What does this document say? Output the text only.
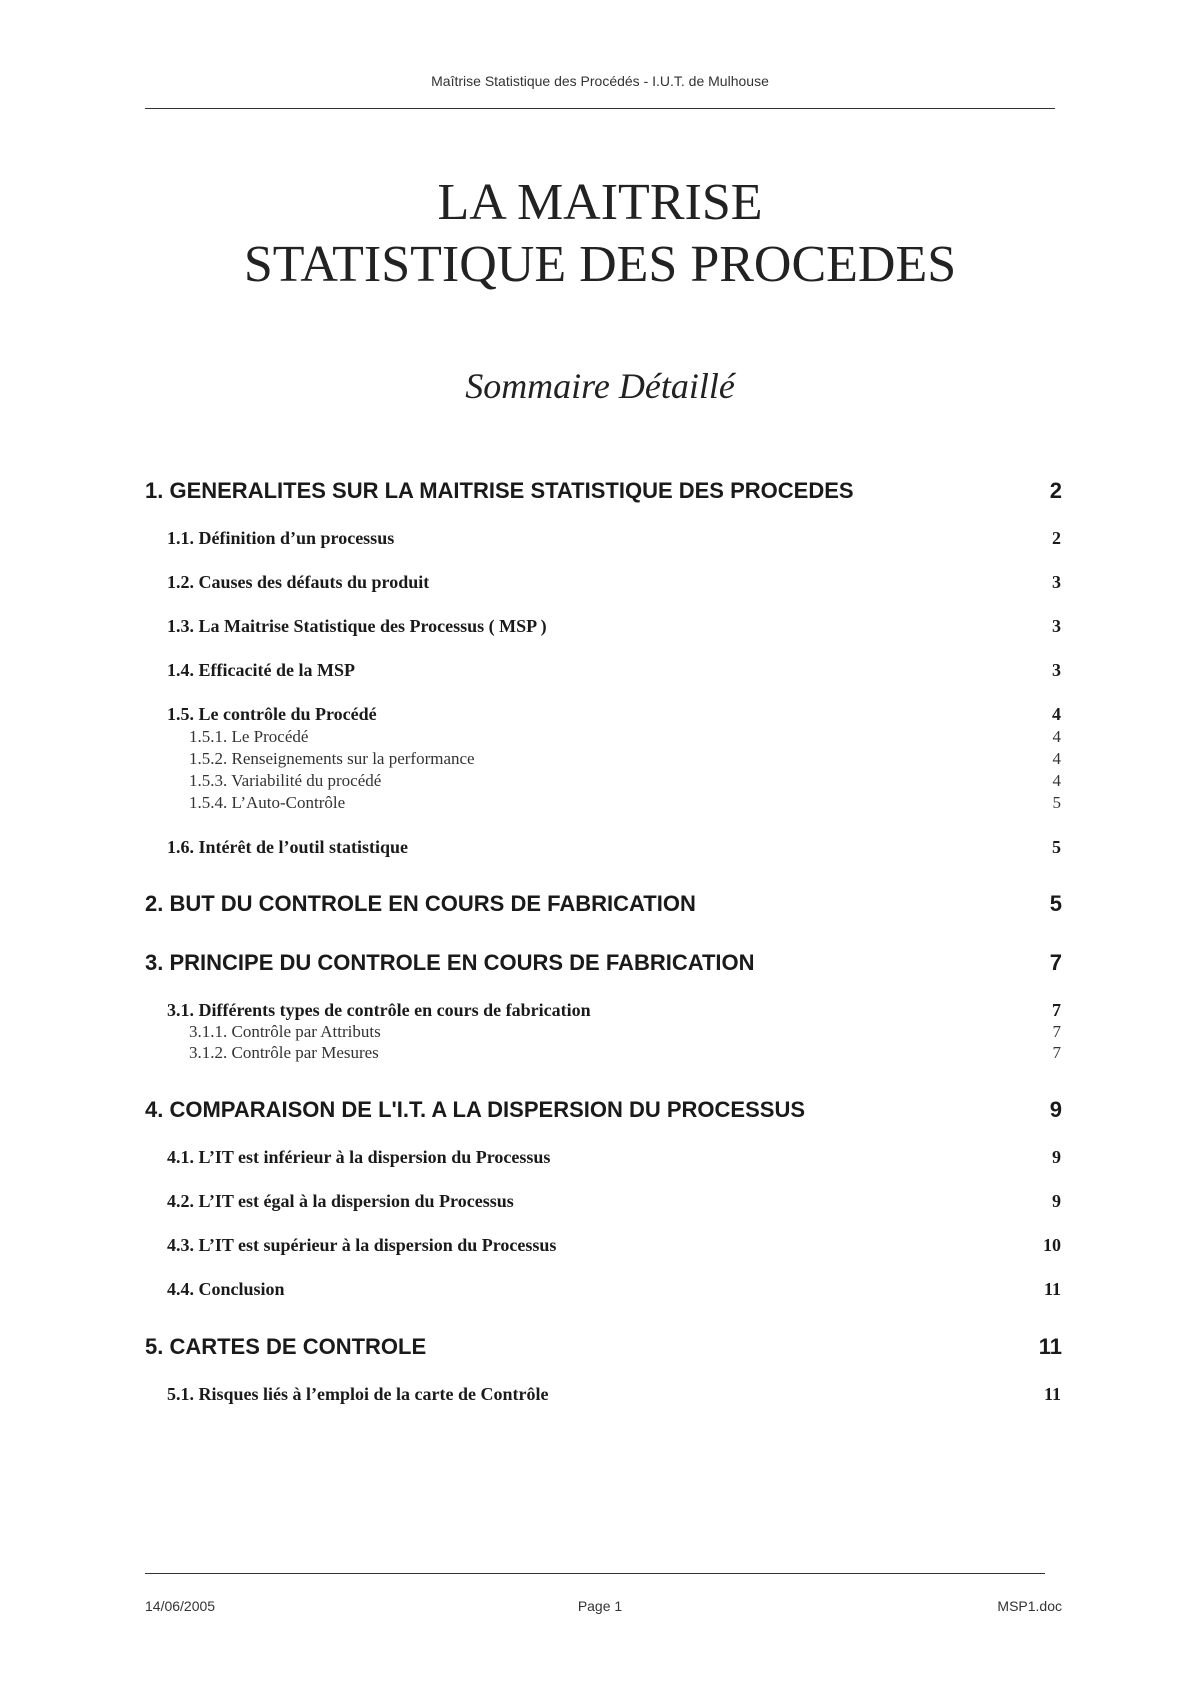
Maîtrise Statistique des Procédés - I.U.T. de Mulhouse
LA MAITRISE
STATISTIQUE DES PROCEDES
Sommaire Détaillé
1. GENERALITES SUR LA MAITRISE STATISTIQUE DES PROCEDES	2
1.1. Définition d’un processus	2
1.2. Causes des défauts du produit	3
1.3. La Maitrise Statistique des Processus ( MSP )	3
1.4. Efficacité de la MSP	3
1.5. Le contrôle du Procédé	4
1.5.1. Le Procédé	4
1.5.2. Renseignements sur la performance	4
1.5.3. Variabilité du procédé	4
1.5.4. L’Auto-Contrôle	5
1.6. Intérêt de l’outil statistique	5
2. BUT DU CONTROLE EN COURS DE FABRICATION	5
3. PRINCIPE DU CONTROLE EN COURS DE FABRICATION	7
3.1. Différents types de contrôle en cours de fabrication	7
3.1.1. Contrôle par Attributs	7
3.1.2. Contrôle par Mesures	7
4. COMPARAISON DE L'I.T. A LA DISPERSION DU PROCESSUS	9
4.1. L’IT est inférieur à la dispersion du Processus	9
4.2. L’IT est égal à la dispersion du Processus	9
4.3. L’IT est supérieur à la dispersion du Processus	10
4.4. Conclusion	11
5. CARTES DE CONTROLE	11
5.1. Risques liés à l’emploi de la carte de Contrôle	11
14/06/2005	Page 1	MSP1.doc
